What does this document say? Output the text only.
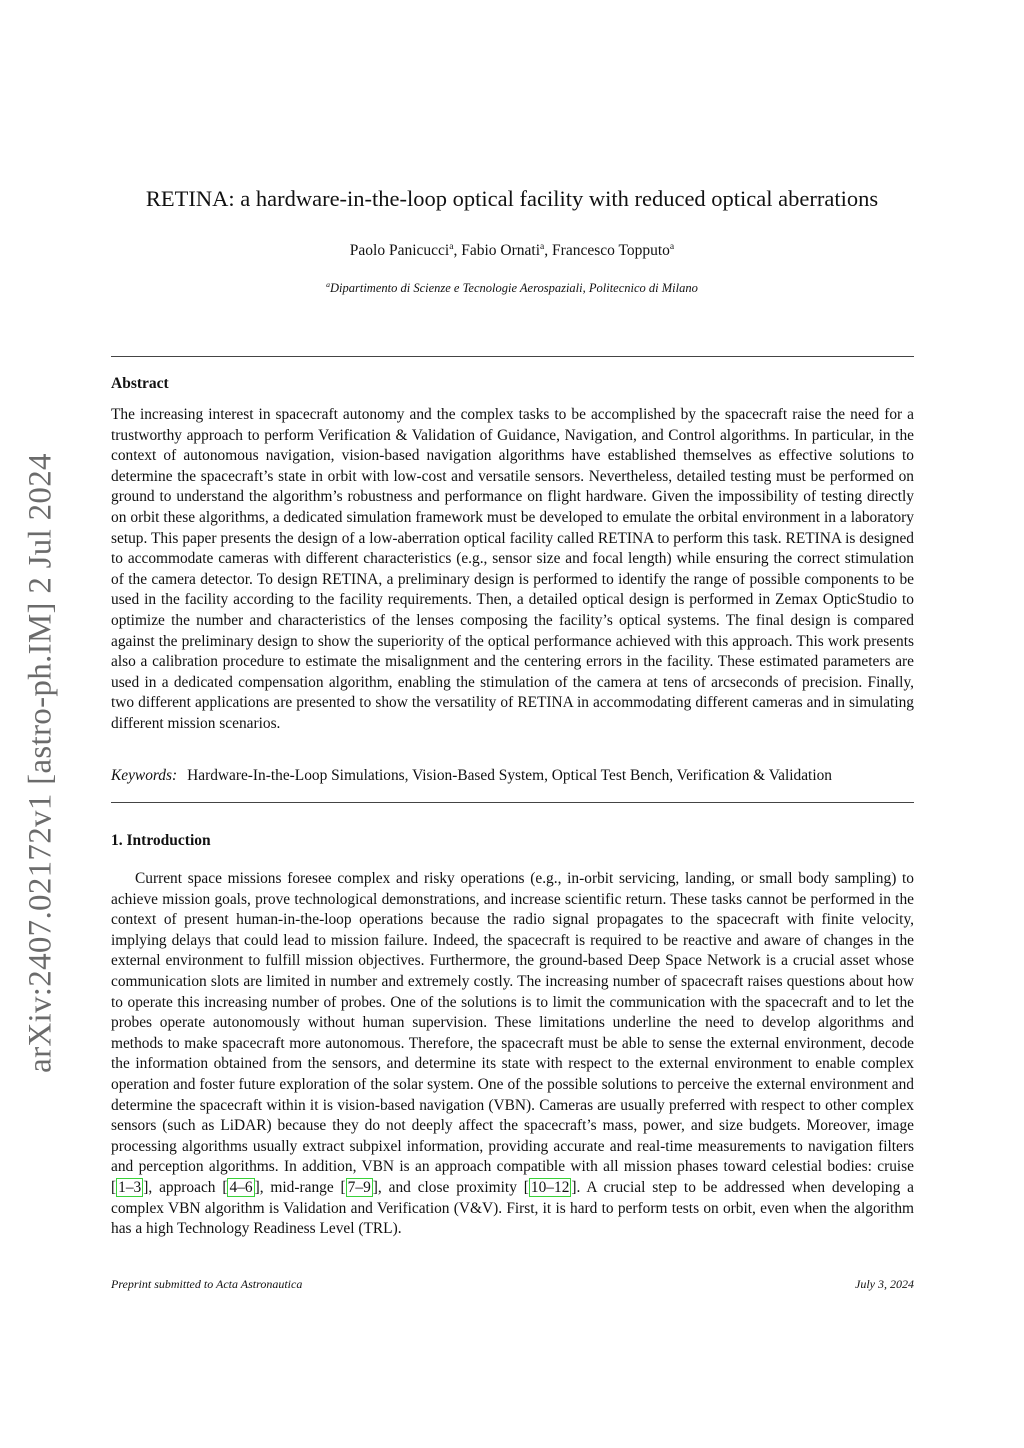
arXiv:2407.02172v1 [astro-ph.IM] 2 Jul 2024
RETINA: a hardware-in-the-loop optical facility with reduced optical aberrations
Paolo Panicucci$^a$, Fabio Ornati$^a$, Francesco Topputo$^a$
$^a$Dipartimento di Scienze e Tecnologie Aerospaziali, Politecnico di Milano
Abstract
The increasing interest in spacecraft autonomy and the complex tasks to be accomplished by the spacecraft raise the need for a trustworthy approach to perform Verification & Validation of Guidance, Navigation, and Control algorithms. In particular, in the context of autonomous navigation, vision-based navigation algorithms have established themselves as effective solutions to determine the spacecraft’s state in orbit with low-cost and versatile sensors. Nevertheless, detailed testing must be performed on ground to understand the algorithm’s robustness and performance on flight hardware. Given the impossibility of testing directly on orbit these algorithms, a dedicated simulation framework must be developed to emulate the orbital environment in a laboratory setup. This paper presents the design of a low-aberration optical facility called RETINA to perform this task. RETINA is designed to accommodate cameras with different characteristics (e.g., sensor size and focal length) while ensuring the correct stimulation of the camera detector. To design RETINA, a preliminary design is performed to identify the range of possible components to be used in the facility according to the facility requirements. Then, a detailed optical design is performed in Zemax OpticStudio to optimize the number and characteristics of the lenses composing the facility’s optical systems. The final design is compared against the preliminary design to show the superiority of the optical performance achieved with this approach. This work presents also a calibration procedure to estimate the misalignment and the centering errors in the facility. These estimated parameters are used in a dedicated compensation algorithm, enabling the stimulation of the camera at tens of arcseconds of precision. Finally, two different applications are presented to show the versatility of RETINA in accommodating different cameras and in simulating different mission scenarios.
Keywords: Hardware-In-the-Loop Simulations, Vision-Based System, Optical Test Bench, Verification & Validation
1. Introduction
Current space missions foresee complex and risky operations (e.g., in-orbit servicing, landing, or small body sampling) to achieve mission goals, prove technological demonstrations, and increase scientific return. These tasks cannot be performed in the context of present human-in-the-loop operations because the radio signal propagates to the spacecraft with finite velocity, implying delays that could lead to mission failure. Indeed, the spacecraft is required to be reactive and aware of changes in the external environment to fulfill mission objectives. Furthermore, the ground-based Deep Space Network is a crucial asset whose communication slots are limited in number and extremely costly. The increasing number of spacecraft raises questions about how to operate this increasing number of probes. One of the solutions is to limit the communication with the spacecraft and to let the probes operate autonomously without human supervision. These limitations underline the need to develop algorithms and methods to make spacecraft more autonomous. Therefore, the spacecraft must be able to sense the external environment, decode the information obtained from the sensors, and determine its state with respect to the external environment to enable complex operation and foster future exploration of the solar system. One of the possible solutions to perceive the external environment and determine the spacecraft within it is vision-based navigation (VBN). Cameras are usually preferred with respect to other complex sensors (such as LiDAR) because they do not deeply affect the spacecraft’s mass, power, and size budgets. Moreover, image processing algorithms usually extract subpixel information, providing accurate and real-time measurements to navigation filters and perception algorithms. In addition, VBN is an approach compatible with all mission phases toward celestial bodies: cruise [ 1–3 ], approach [ 4–6 ], mid-range [ 7–9 ], and close proximity [ 10–12 ]. A crucial step to be addressed when developing a complex VBN algorithm is Validation and Verification (V&V). First, it is hard to perform tests on orbit, even when the algorithm has a high Technology Readiness Level (TRL).
Preprint submitted to Acta Astronautica	July 3, 2024
